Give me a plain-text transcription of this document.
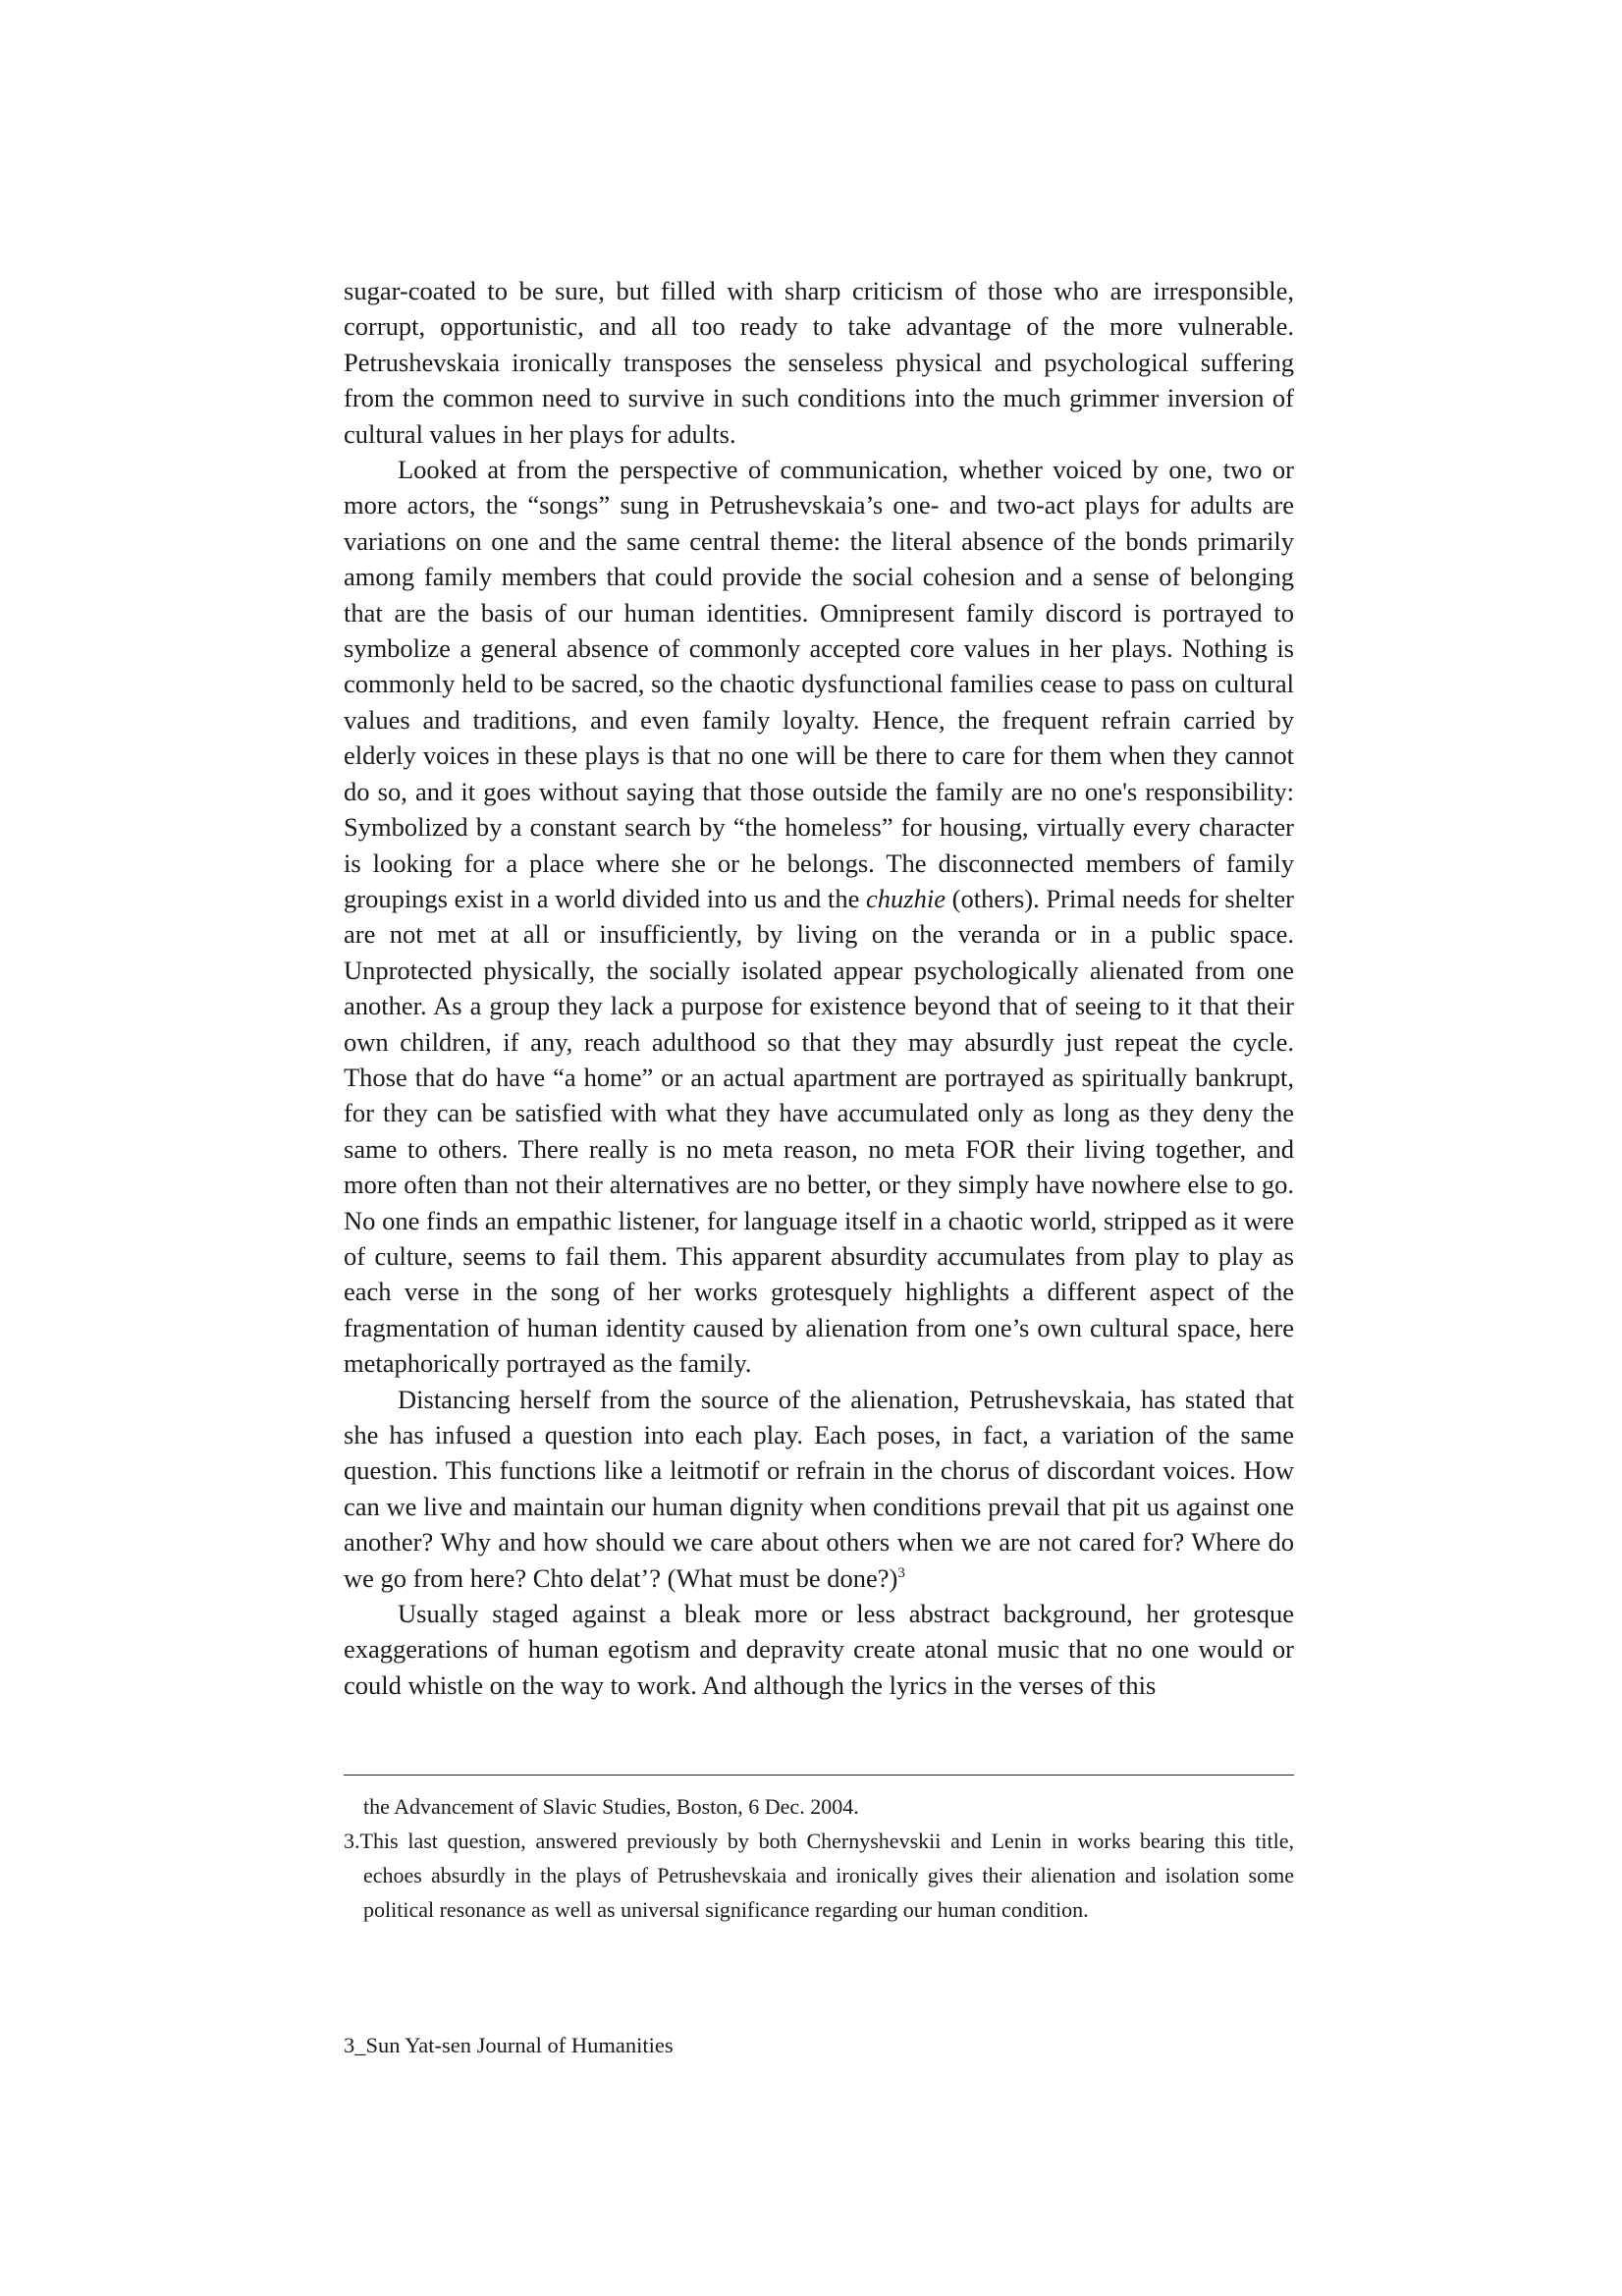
sugar-coated to be sure, but filled with sharp criticism of those who are irresponsible, corrupt, opportunistic, and all too ready to take advantage of the more vulnerable. Petrushevskaia ironically transposes the senseless physical and psychological suffering from the common need to survive in such conditions into the much grimmer inversion of cultural values in her plays for adults.

Looked at from the perspective of communication, whether voiced by one, two or more actors, the “songs” sung in Petrushevskaia’s one- and two-act plays for adults are variations on one and the same central theme: the literal absence of the bonds primarily among family members that could provide the social cohesion and a sense of belonging that are the basis of our human identities. Omnipresent family discord is portrayed to symbolize a general absence of commonly accepted core values in her plays. Nothing is commonly held to be sacred, so the chaotic dysfunctional families cease to pass on cultural values and traditions, and even family loyalty. Hence, the frequent refrain carried by elderly voices in these plays is that no one will be there to care for them when they cannot do so, and it goes without saying that those outside the family are no one's responsibility: Symbolized by a constant search by “the homeless” for housing, virtually every character is looking for a place where she or he belongs. The disconnected members of family groupings exist in a world divided into us and the chuzhie (others). Primal needs for shelter are not met at all or insufficiently, by living on the veranda or in a public space. Unprotected physically, the socially isolated appear psychologically alienated from one another. As a group they lack a purpose for existence beyond that of seeing to it that their own children, if any, reach adulthood so that they may absurdly just repeat the cycle. Those that do have “a home” or an actual apartment are portrayed as spiritually bankrupt, for they can be satisfied with what they have accumulated only as long as they deny the same to others. There really is no meta reason, no meta FOR their living together, and more often than not their alternatives are no better, or they simply have nowhere else to go. No one finds an empathic listener, for language itself in a chaotic world, stripped as it were of culture, seems to fail them. This apparent absurdity accumulates from play to play as each verse in the song of her works grotesquely highlights a different aspect of the fragmentation of human identity caused by alienation from one’s own cultural space, here metaphorically portrayed as the family.

Distancing herself from the source of the alienation, Petrushevskaia, has stated that she has infused a question into each play. Each poses, in fact, a variation of the same question. This functions like a leitmotif or refrain in the chorus of discordant voices. How can we live and maintain our human dignity when conditions prevail that pit us against one another? Why and how should we care about others when we are not cared for? Where do we go from here? Chto delat’? (What must be done?)$^3$

Usually staged against a bleak more or less abstract background, her grotesque exaggerations of human egotism and depravity create atonal music that no one would or could whistle on the way to work. And although the lyrics in the verses of this

the Advancement of Slavic Studies, Boston, 6 Dec. 2004.

3.This last question, answered previously by both Chernyshevskii and Lenin in works bearing this title, echoes absurdly in the plays of Petrushevskaia and ironically gives their alienation and isolation some political resonance as well as universal significance regarding our human condition.

3_Sun Yat-sen Journal of Humanities
